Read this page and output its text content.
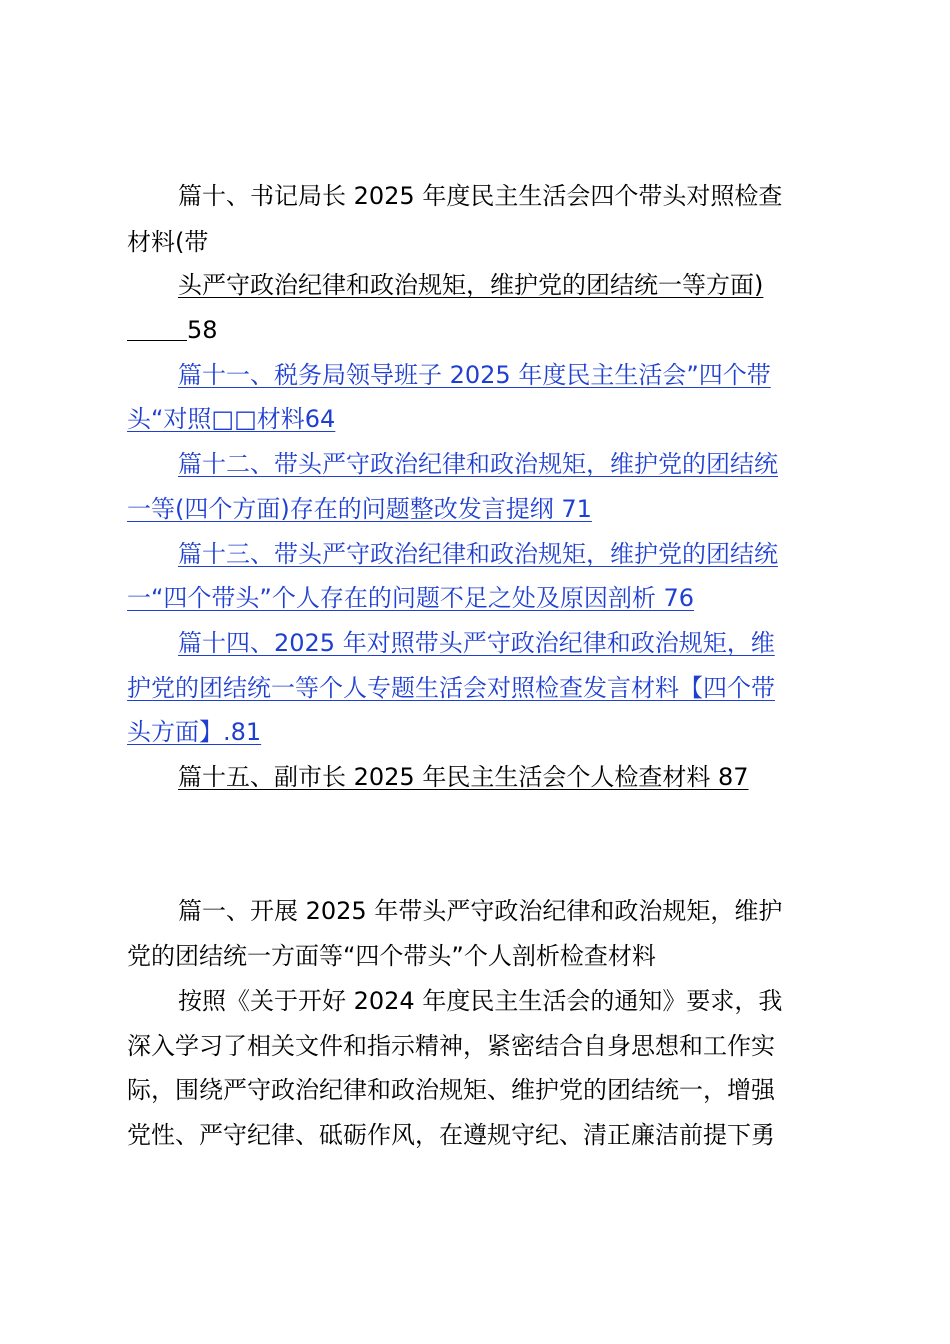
篇十、书记局长 2025 年度民主生活会四个带头对照检查
材料(带
头严守政治纪律和政治规矩，维护党的团结统一等方面)
58
篇十一、税务局领导班子 2025 年度民主生活会”四个带
头“对照□□材料64
篇十二、带头严守政治纪律和政治规矩，维护党的团结统
一等(四个方面)存在的问题整改发言提纲 71
篇十三、带头严守政治纪律和政治规矩，维护党的团结统
一“四个带头”个人存在的问题不足之处及原因剖析 76
篇十四、2025 年对照带头严守政治纪律和政治规矩，维
护党的团结统一等个人专题生活会对照检查发言材料【四个带
头方面】.81
篇十五、副市长 2025 年民主生活会个人检查材料 87
篇一、开展 2025 年带头严守政治纪律和政治规矩，维护
党的团结统一方面等“四个带头”个人剖析检查材料
按照《关于开好 2024 年度民主生活会的通知》要求，我
深入学习了相关文件和指示精神，紧密结合自身思想和工作实
际，围绕严守政治纪律和政治规矩、维护党的团结统一，增强
党性、严守纪律、砥砺作风，在遵规守纪、清正廉洁前提下勇
